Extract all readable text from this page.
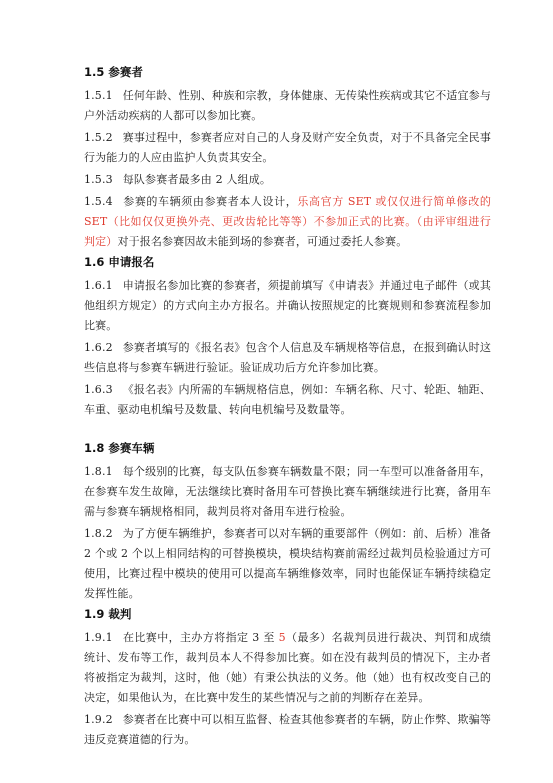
1.5 参赛者

1.5.1 任何年龄、性别、种族和宗教，身体健康、无传染性疾病或其它不适宜参与户外活动疾病的人都可以参加比赛。

1.5.2 赛事过程中，参赛者应对自己的人身及财产安全负责，对于不具备完全民事行为能力的人应由监护人负责其安全。

1.5.3 每队参赛者最多由 2 人组成。

1.5.4 参赛的车辆须由参赛者本人设计，乐高官方 SET 或仅仅进行简单修改的 SET（比如仅仅更换外壳、更改齿轮比等等）不参加正式的比赛。（由评审组进行判定）对于报名参赛因故未能到场的参赛者，可通过委托人参赛。

1.6 申请报名

1.6.1 申请报名参加比赛的参赛者，须提前填写《申请表》并通过电子邮件（或其他组织方规定）的方式向主办方报名。并确认按照规定的比赛规则和参赛流程参加比赛。

1.6.2 参赛者填写的《报名表》包含个人信息及车辆规格等信息，在报到确认时这些信息将与参赛车辆进行验证。验证成功后方允许参加比赛。

1.6.3 《报名表》内所需的车辆规格信息，例如：车辆名称、尺寸、轮距、轴距、车重、驱动电机编号及数量、转向电机编号及数量等。

1.8 参赛车辆

1.8.1 每个级别的比赛，每支队伍参赛车辆数量不限；同一车型可以准备备用车，在参赛车发生故障，无法继续比赛时备用车可替换比赛车辆继续进行比赛，备用车需与参赛车辆规格相同，裁判员将对备用车进行检验。

1.8.2 为了方便车辆维护，参赛者可以对车辆的重要部件（例如：前、后桥）准备 2 个或 2 个以上相同结构的可替换模块，模块结构赛前需经过裁判员检验通过方可使用，比赛过程中模块的使用可以提高车辆维修效率，同时也能保证车辆持续稳定发挥性能。

1.9 裁判

1.9.1 在比赛中，主办方将指定 3 至 5（最多）名裁判员进行裁决、判罚和成绩统计、发布等工作，裁判员本人不得参加比赛。如在没有裁判员的情况下，主办者将被指定为裁判，这时，他（她）有秉公执法的义务。他（她）也有权改变自己的决定，如果他认为，在比赛中发生的某些情况与之前的判断存在差异。

1.9.2 参赛者在比赛中可以相互监督、检查其他参赛者的车辆，防止作弊、欺骗等违反竞赛道德的行为。
